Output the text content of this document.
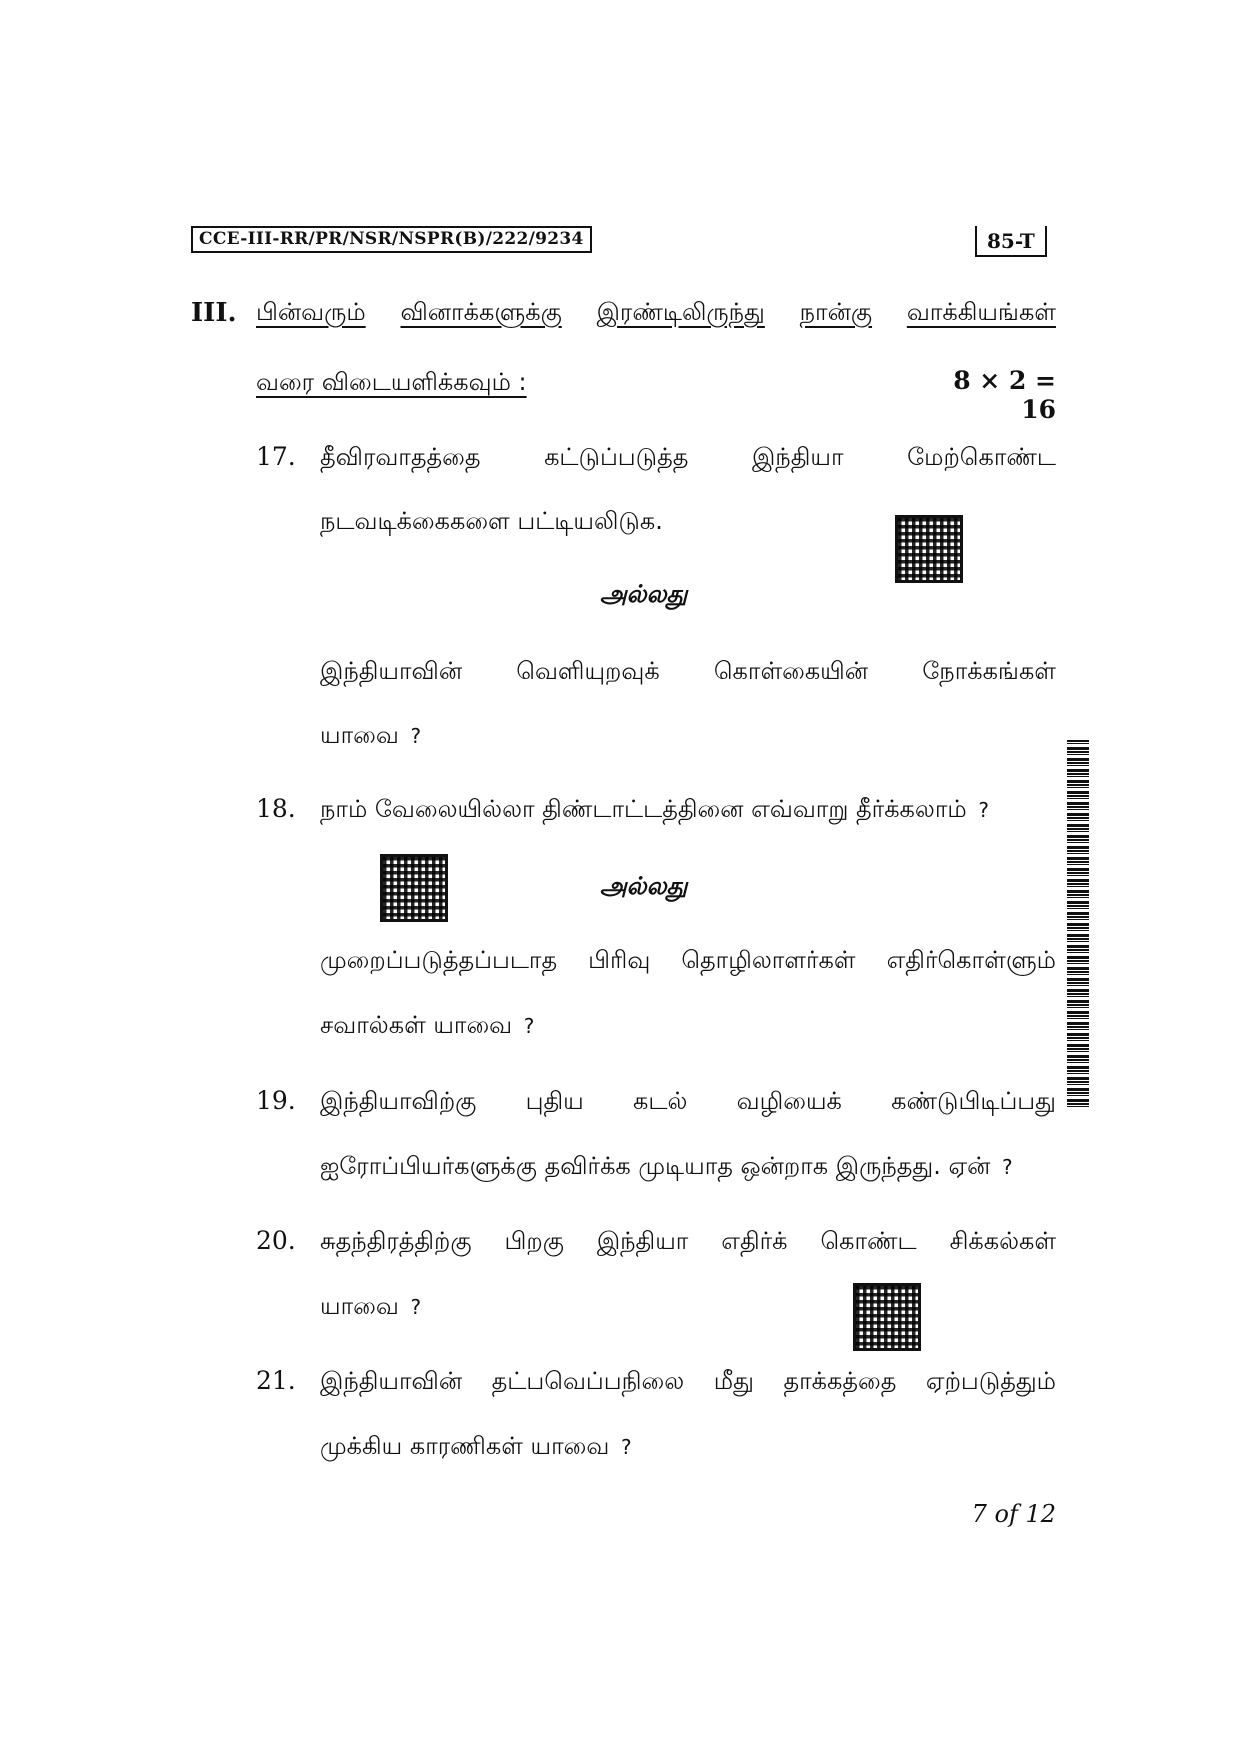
CCE-III-RR/PR/NSR/NSPR(B)/222/9234	85-T
III. பின்வரும் வினாக்களுக்கு இரண்டிலிருந்து நான்கு வாக்கியங்கள்
வரை விடையளிக்கவும் :	8 × 2 = 16
17.	தீவிரவாதத்தை	கட்டுப்படுத்த	இந்தியா	மேற்கொண்ட
நடவடிக்கைகளை பட்டியலிடுக.
அல்லது
இந்தியாவின் வெளியுறவுக் கொள்கையின் நோக்கங்கள்
யாவை ?
18.	நாம் வேலையில்லா திண்டாட்டத்தினை எவ்வாறு தீர்க்கலாம் ?
அல்லது
முறைப்படுத்தப்படாத பிரிவு தொழிலாளர்கள் எதிர்கொள்ளும்
சவால்கள் யாவை ?
19.	இந்தியாவிற்கு புதிய கடல் வழியைக் கண்டுபிடிப்பது
ஐரோப்பியர்களுக்கு தவிர்க்க முடியாத ஒன்றாக இருந்தது. ஏன் ?
20.	சுதந்திரத்திற்கு பிறகு இந்தியா எதிர்க் கொண்ட சிக்கல்கள்
யாவை ?
21.	இந்தியாவின் தட்பவெப்பநிலை மீது தாக்கத்தை ஏற்படுத்தும்
முக்கிய காரணிகள் யாவை ?
7 of 12
